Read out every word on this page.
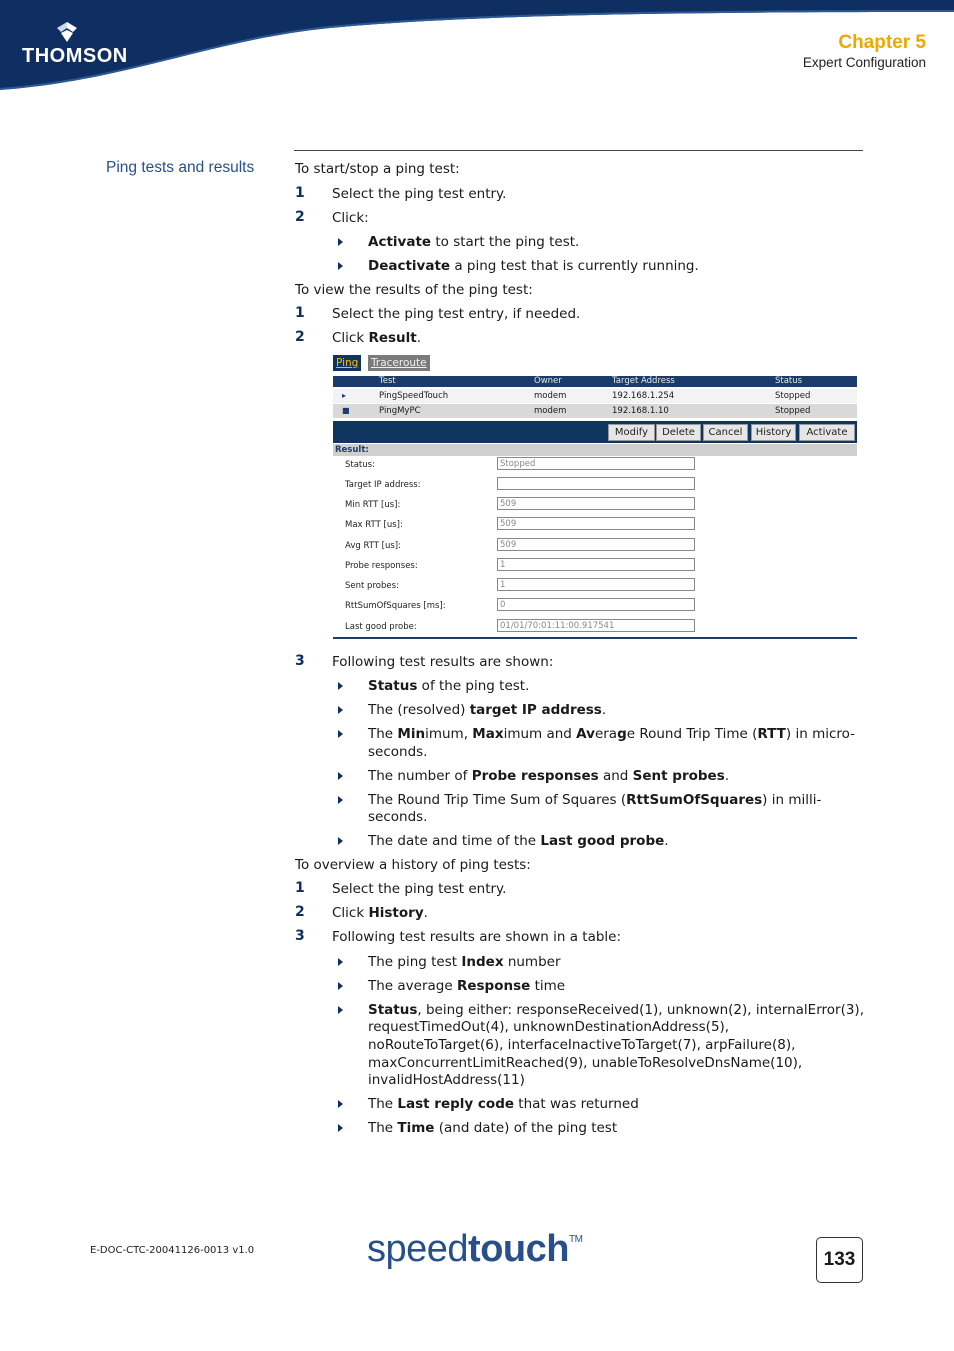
THOMSON
Chapter 5
Expert Configuration
Ping tests and results	To start/stop a ping test:
1 Select the ping test entry.
2 Click:
Activate to start the ping test.
Deactivate a ping test that is currently running.
To view the results of the ping test:
1 Select the ping test entry, if needed.
2 Click Result.
Ping Traceroute
Test	Owner	Target Address	Status
▸	PingSpeedTouch	modem	192.168.1.254	Stopped
■	PingMyPC	modem	192.168.1.10	Stopped
Modify	Delete	Cancel	History	Activate
Result:
Status:	Stopped
Target IP address:
Min RTT [us]:	509
Max RTT [us]:	509
Avg RTT [us]:	509
Probe responses:	1
Sent probes:	1
RttSumOfSquares [ms]:	0
Last good probe:	01/01/70:01:11:00.917541
3 Following test results are shown:
Status of the ping test.
The (resolved) target IP address.
The Minimum, Maximum and Average Round Trip Time (RTT) in micro-
seconds.
The number of Probe responses and Sent probes.
The Round Trip Time Sum of Squares (RttSumOfSquares) in milli-
seconds.
The date and time of the Last good probe.
To overview a history of ping tests:
1 Select the ping test entry.
2 Click History.
3 Following test results are shown in a table:
The ping test Index number
The average Response time
Status, being either: responseReceived(1), unknown(2), internalError(3),
requestTimedOut(4), unknownDestinationAddress(5),
noRouteToTarget(6), interfaceInactiveToTarget(7), arpFailure(8),
maxConcurrentLimitReached(9), unableToResolveDnsName(10),
invalidHostAddress(11)
The Last reply code that was returned
The Time (and date) of the ping test
E-DOC-CTC-20041126-0013 v1.0	speedtouch™
133
